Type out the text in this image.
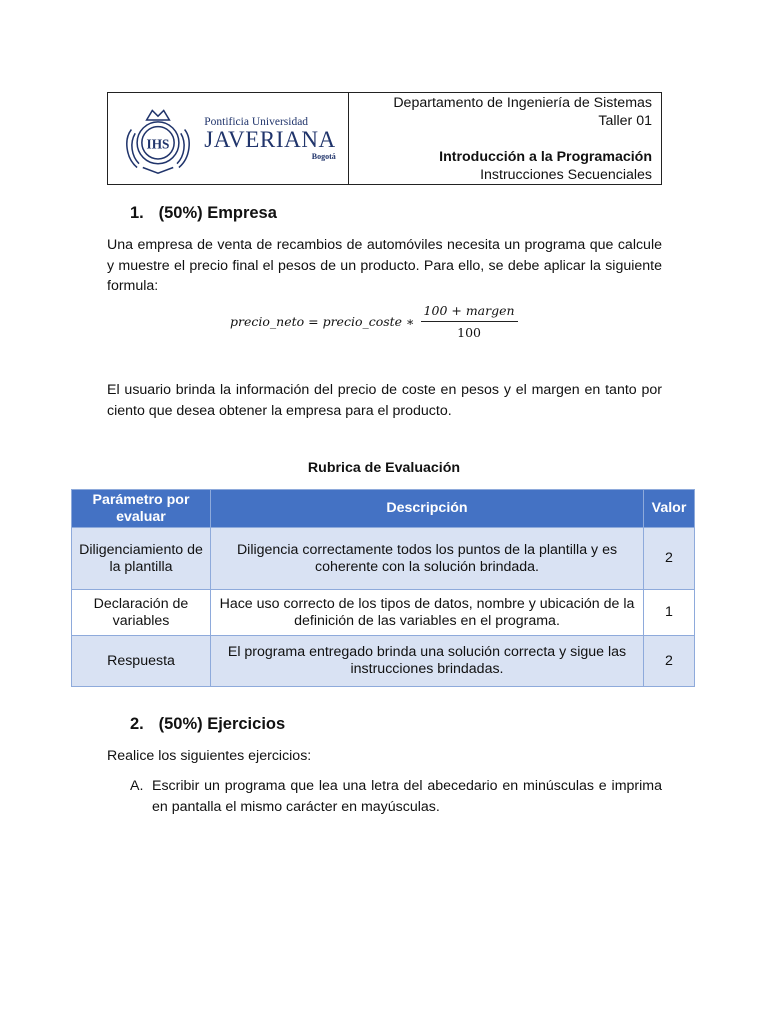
IHS
Pontificia Universidad
JAVERIANA
Bogotá
Departamento de Ingeniería de Sistemas
Taller 01
Introducción a la Programación
Instrucciones Secuenciales
1. (50%) Empresa
Una empresa de venta de recambios de automóviles necesita un programa que calcule y muestre el precio final el pesos de un producto. Para ello, se debe aplicar la siguiente formula:
precio_neto = precio_coste ∗ $\frac{\text{100 + margen}}{100}$
El usuario brinda la información del precio de coste en pesos y el margen en tanto por ciento que desea obtener la empresa para el producto.
Rubrica de Evaluación
Parámetro por evaluar	Descripción	Valor
Diligenciamiento de la plantilla	Diligencia correctamente todos los puntos de la plantilla y es coherente con la solución brindada.	2
Declaración de variables	Hace uso correcto de los tipos de datos, nombre y ubicación de la definición de las variables en el programa.	1
Respuesta	El programa entregado brinda una solución correcta y sigue las instrucciones brindadas.	2
2. (50%) Ejercicios
Realice los siguientes ejercicios:
A. Escribir un programa que lea una letra del abecedario en minúsculas e imprima en pantalla el mismo carácter en mayúsculas.
